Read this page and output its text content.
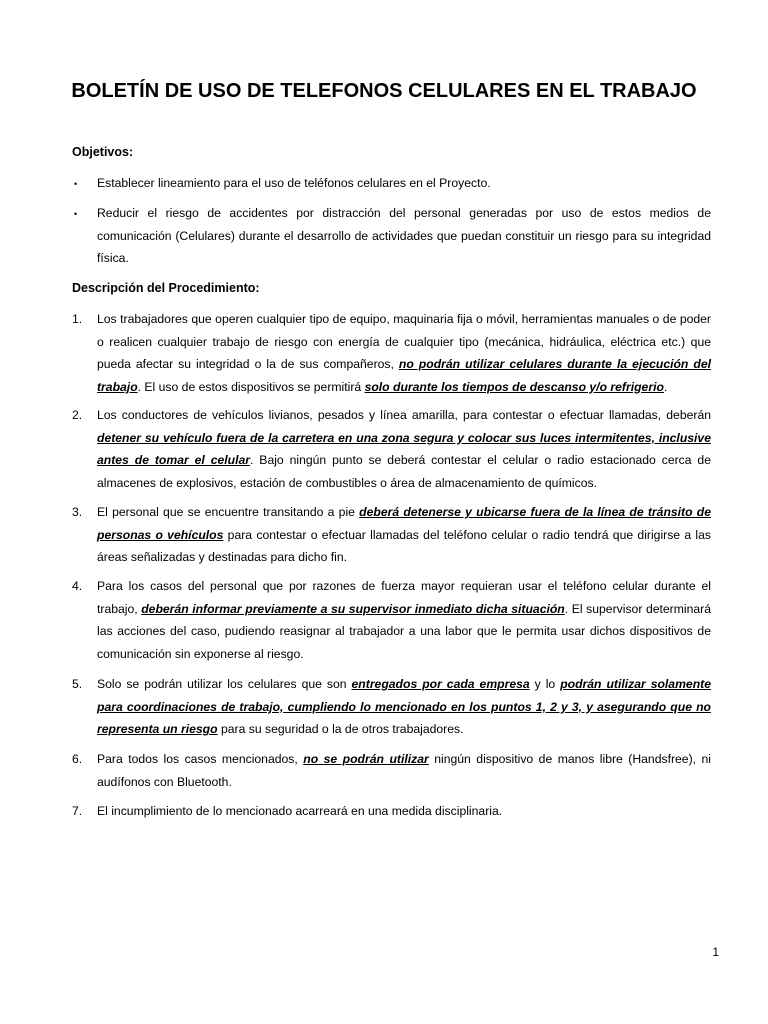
BOLETÍN DE USO DE TELEFONOS CELULARES EN EL TRABAJO
Objetivos:
• Establecer lineamiento para el uso de teléfonos celulares en el Proyecto.
• Reducir el riesgo de accidentes por distracción del personal generadas por uso de estos medios de comunicación (Celulares) durante el desarrollo de actividades que puedan constituir un riesgo para su integridad física.
Descripción del Procedimiento:
1. Los trabajadores que operen cualquier tipo de equipo, maquinaria fija o móvil, herramientas manuales o de poder o realicen cualquier trabajo de riesgo con energía de cualquier tipo (mecánica, hidráulica, eléctrica etc.) que pueda afectar su integridad o la de sus compañeros, no podrán utilizar celulares durante la ejecución del trabajo. El uso de estos dispositivos se permitirá solo durante los tiempos de descanso y/o refrigerio.
2. Los conductores de vehículos livianos, pesados y línea amarilla, para contestar o efectuar llamadas, deberán detener su vehículo fuera de la carretera en una zona segura y colocar sus luces intermitentes, inclusive antes de tomar el celular. Bajo ningún punto se deberá contestar el celular o radio estacionado cerca de almacenes de explosivos, estación de combustibles o área de almacenamiento de químicos.
3. El personal que se encuentre transitando a pie deberá detenerse y ubicarse fuera de la línea de tránsito de personas o vehículos para contestar o efectuar llamadas del teléfono celular o radio tendrá que dirigirse a las áreas señalizadas y destinadas para dicho fin.
4. Para los casos del personal que por razones de fuerza mayor requieran usar el teléfono celular durante el trabajo, deberán informar previamente a su supervisor inmediato dicha situación. El supervisor determinará las acciones del caso, pudiendo reasignar al trabajador a una labor que le permita usar dichos dispositivos de comunicación sin exponerse al riesgo.
5. Solo se podrán utilizar los celulares que son entregados por cada empresa y lo podrán utilizar solamente para coordinaciones de trabajo, cumpliendo lo mencionado en los puntos 1, 2 y 3, y asegurando que no representa un riesgo para su seguridad o la de otros trabajadores.
6. Para todos los casos mencionados, no se podrán utilizar ningún dispositivo de manos libre (Handsfree), ni audífonos con Bluetooth.
7. El incumplimiento de lo mencionado acarreará en una medida disciplinaria.
1
